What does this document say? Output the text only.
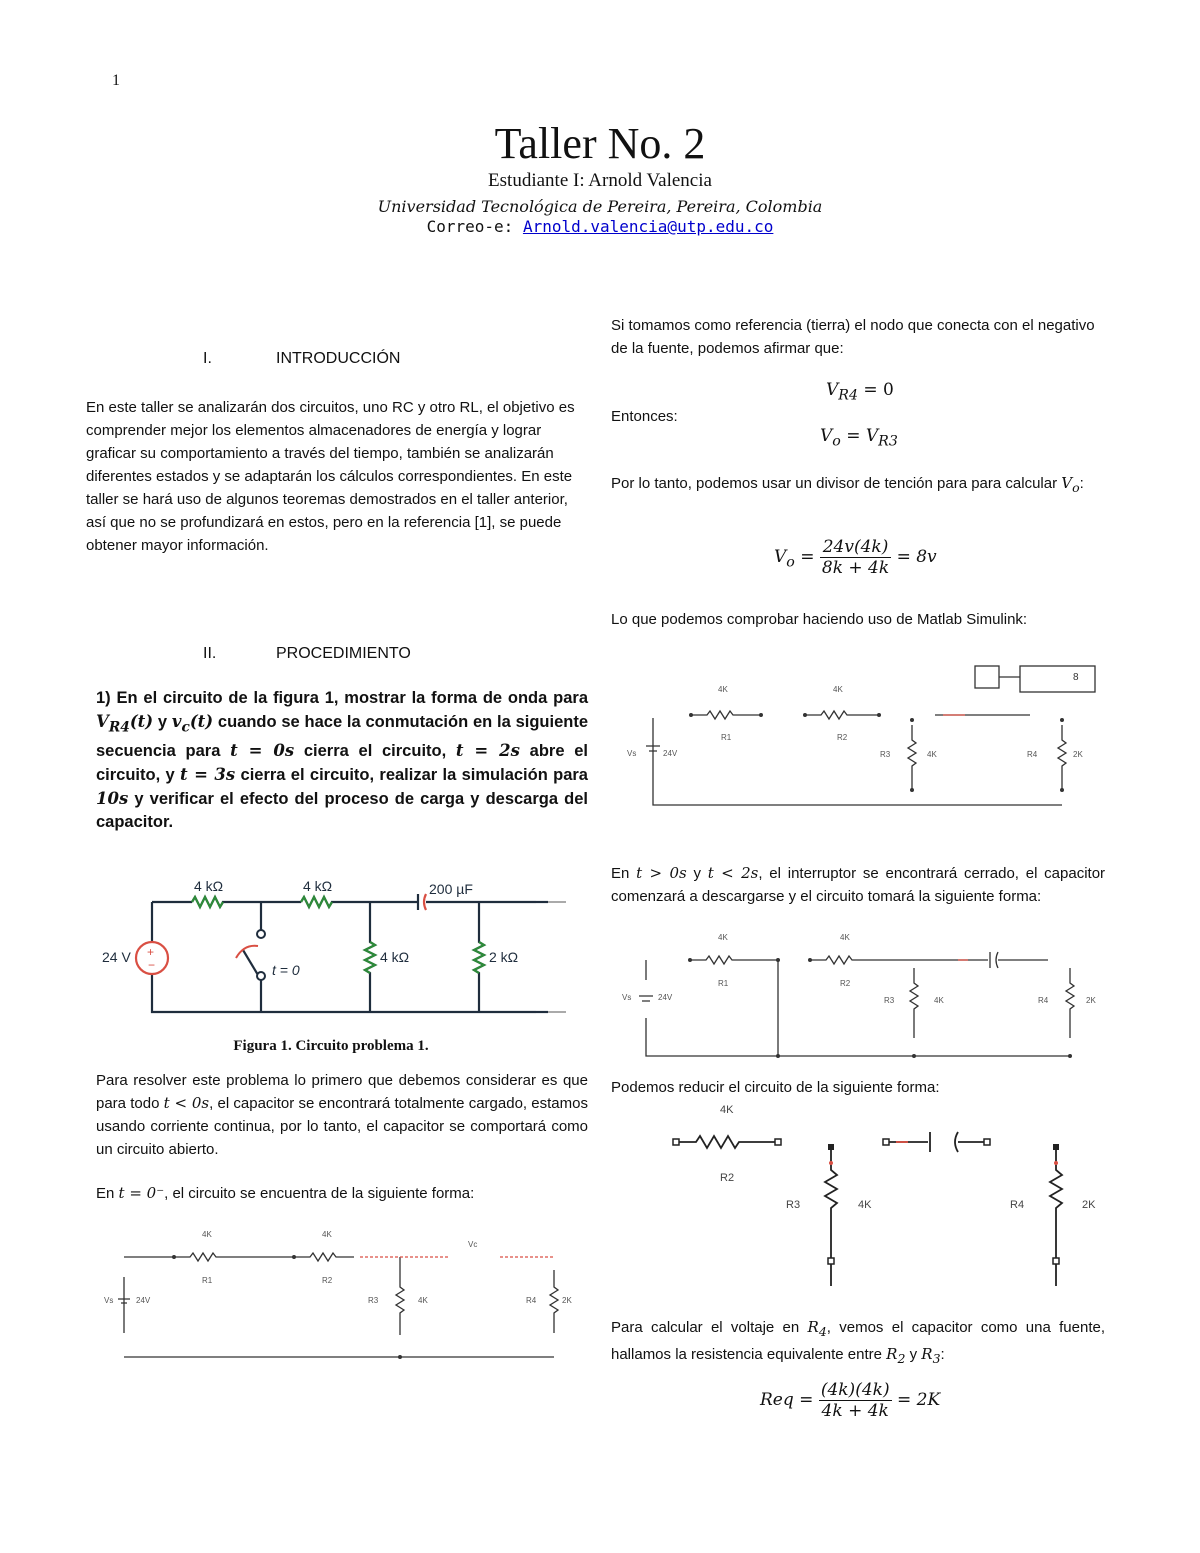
1
Taller No. 2
Estudiante I: Arnold Valencia
Universidad Tecnológica de Pereira, Pereira, Colombia
Correo-e: Arnold.valencia@utp.edu.co
I.	INTRODUCCIÓN
En este taller se analizarán dos circuitos, uno RC y otro RL, el objetivo es comprender mejor los elementos almacenadores de energía y lograr graficar su comportamiento a través del tiempo, también se analizarán diferentes estados y se adaptarán los cálculos correspondientes. En este taller se hará uso de algunos teoremas demostrados en el taller anterior, así que no se profundizará en estos, pero en la referencia [1], se puede obtener mayor información.
II.	PROCEDIMIENTO
1) En el circuito de la figura 1, mostrar la forma de onda para $V_{R4}(t)$ y $v_c(t)$ cuando se hace la conmutación en la siguiente secuencia para t = 0s cierra el circuito, t = 2s abre el circuito, y t = 3s cierra el circuito, realizar la simulación para 10s y verificar el efecto del proceso de carga y descarga del capacitor.
+
−
4 kΩ	4 kΩ	200 µF
24 V	4 kΩ	2 kΩ
t = 0
Figura 1. Circuito problema 1.
Para resolver este problema lo primero que debemos considerar es que para todo t < 0s, el capacitor se encontrará totalmente cargado, estamos usando corriente continua, por lo tanto, el capacitor se comportará como un circuito abierto.
En t = 0⁻, el circuito se encuentra de la siguiente forma:
4K	4K
R1	R2
Vc
Vs	24V	R3	4K	R4	2K
Si tomamos como referencia (tierra) el nodo que conecta con el negativo de la fuente, podemos afirmar que:
$V_{R4} = 0$
Entonces:
$V_o = V_{R3}$
Por lo tanto, podemos usar un divisor de tención para para calcular $V_o$:
$V_o = \frac{24v(4k)}{8k + 4k} = 8v$
Lo que podemos comprobar haciendo uso de Matlab Simulink:
4K	4K
R1	R2
Vs	24V	R3	4K	R4	2K
8
En t > 0s y t < 2s, el interruptor se encontrará cerrado, el capacitor comenzará a descargarse y el circuito tomará la siguiente forma:
4K	4K
R1	R2
Vs	24V	R3	4K	R4	2K
Podemos reducir el circuito de la siguiente forma:
4K
R2
R3	4K	R4	2K
Para calcular el voltaje en $R_4$, vemos el capacitor como una fuente, hallamos la resistencia equivalente entre $R_2$ y $R_3$:
Req = $\frac{(4k)(4k)}{4k + 4k} = 2K$
